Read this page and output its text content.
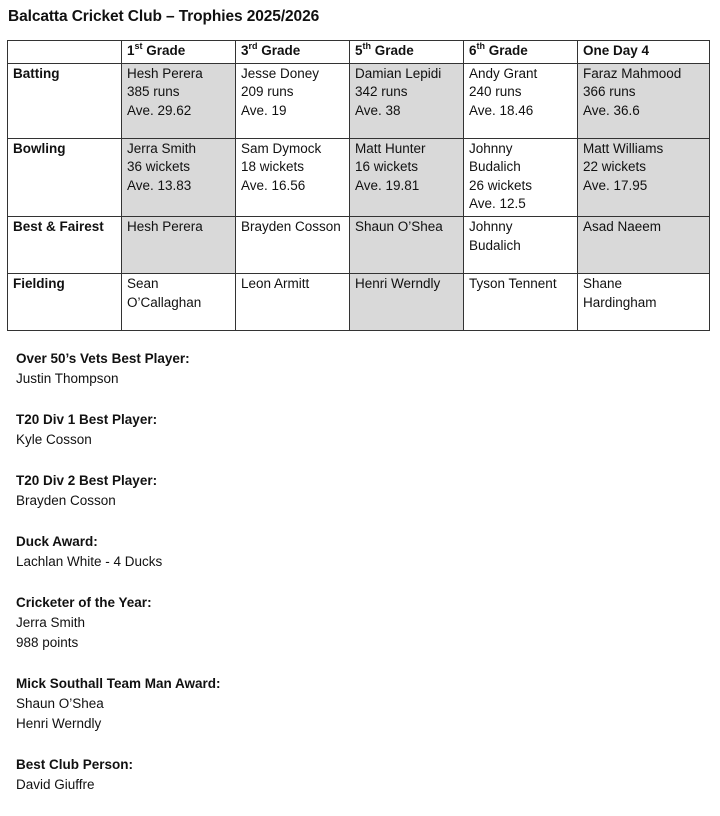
Balcatta Cricket Club – Trophies 2025/2026
	1st Grade	3rd Grade	5th Grade	6th Grade	One Day 4
Batting	Hesh Perera
385 runs
Ave. 29.62	Jesse Doney
209 runs
Ave. 19	Damian Lepidi
342 runs
Ave. 38	Andy Grant
240 runs
Ave. 18.46	Faraz Mahmood
366 runs
Ave. 36.6

Bowling	Jerra Smith
36 wickets
Ave. 13.83	Sam Dymock
18 wickets
Ave. 16.56	Matt Hunter
16 wickets
Ave. 19.81	Johnny
Budalich
26 wickets
Ave. 12.5	Matt Williams
22 wickets
Ave. 17.95

Best & Fairest	Hesh Perera	Brayden Cosson	Shaun O’Shea	Johnny
Budalich	Asad Naeem

Fielding	Sean
O’Callaghan	Leon Armitt	Henri Werndly	Tyson Tennent	Shane
Hardingham
Over 50’s Vets Best Player:
Justin Thompson
T20 Div 1 Best Player:
Kyle Cosson
T20 Div 2 Best Player:
Brayden Cosson
Duck Award:
Lachlan White - 4 Ducks
Cricketer of the Year:
Jerra Smith
988 points
Mick Southall Team Man Award:
Shaun O’Shea
Henri Werndly
Best Club Person:
David Giuffre
